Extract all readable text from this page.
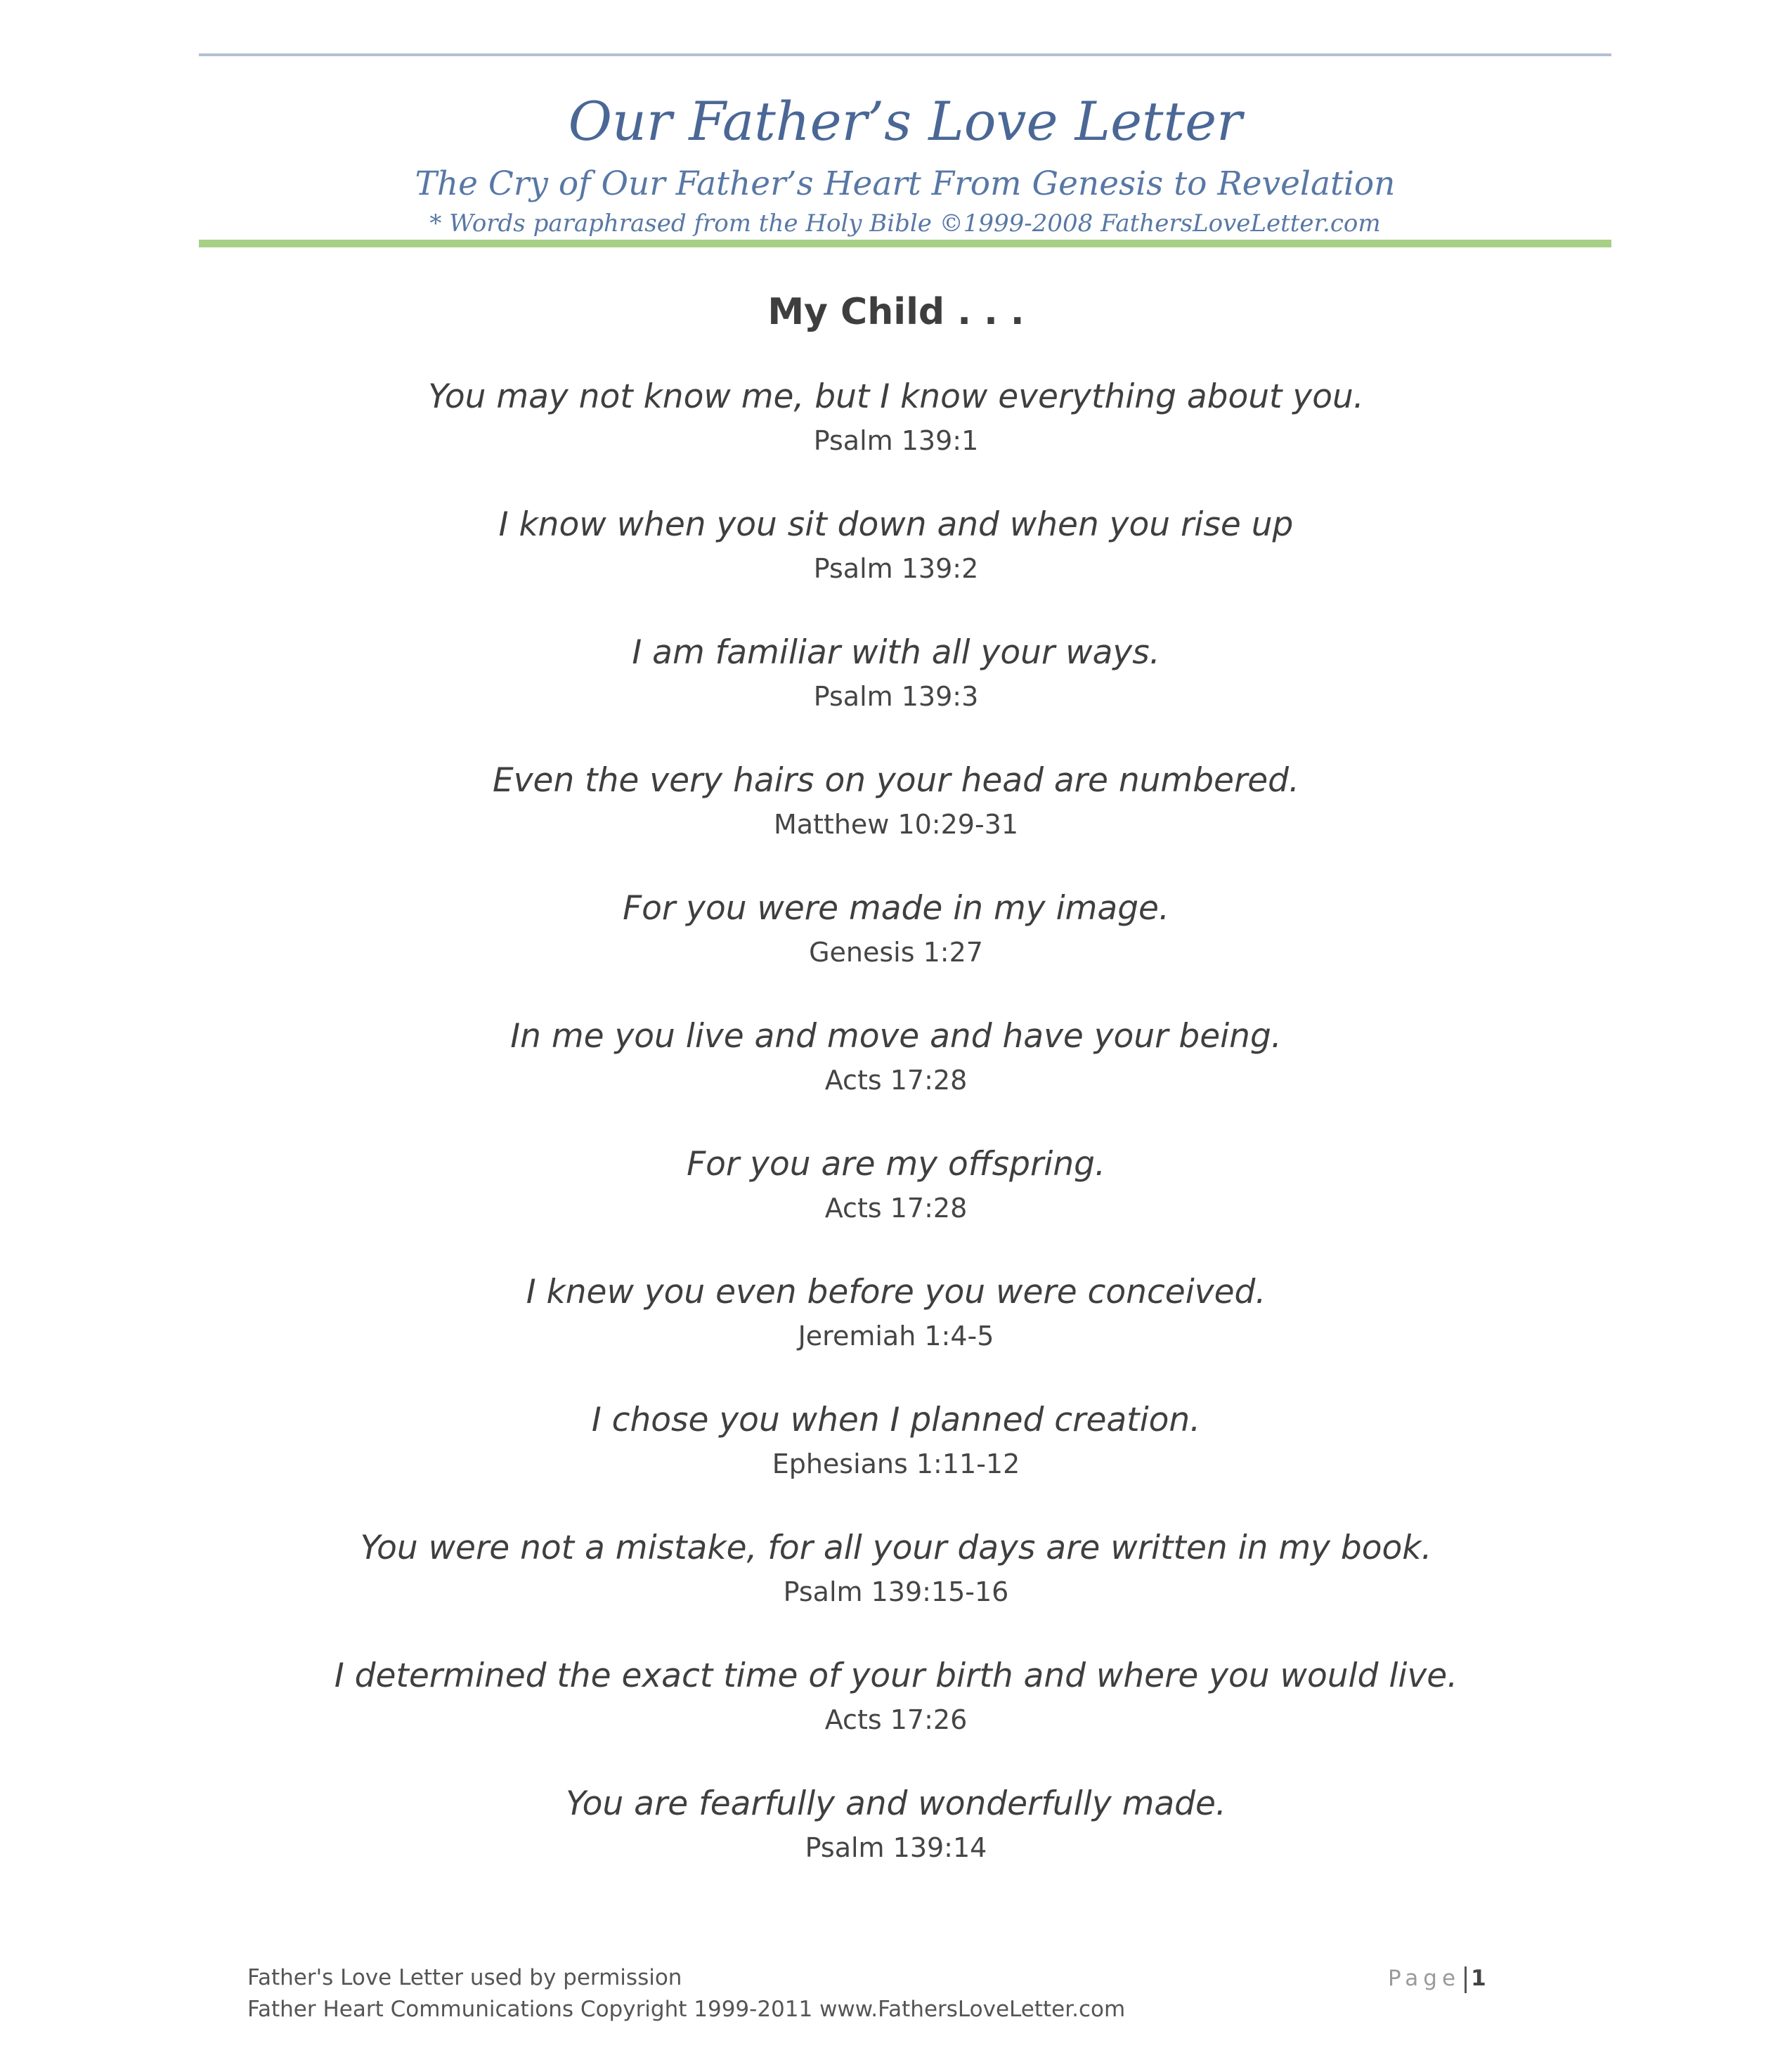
Our Father’s Love Letter
The Cry of Our Father’s Heart From Genesis to Revelation
* Words paraphrased from the Holy Bible ©1999-2008 FathersLoveLetter.com
My Child . . .
You may not know me, but I know everything about you.
Psalm 139:1
I know when you sit down and when you rise up
Psalm 139:2
I am familiar with all your ways.
Psalm 139:3
Even the very hairs on your head are numbered.
Matthew 10:29-31
For you were made in my image.
Genesis 1:27
In me you live and move and have your being.
Acts 17:28
For you are my offspring.
Acts 17:28
I knew you even before you were conceived.
Jeremiah 1:4-5
I chose you when I planned creation.
Ephesians 1:11-12
You were not a mistake, for all your days are written in my book.
Psalm 139:15-16
I determined the exact time of your birth and where you would live.
Acts 17:26
You are fearfully and wonderfully made.
Psalm 139:14
Father's Love Letter used by permission
Father Heart Communications Copyright 1999-2011 www.FathersLoveLetter.com
Page 1
